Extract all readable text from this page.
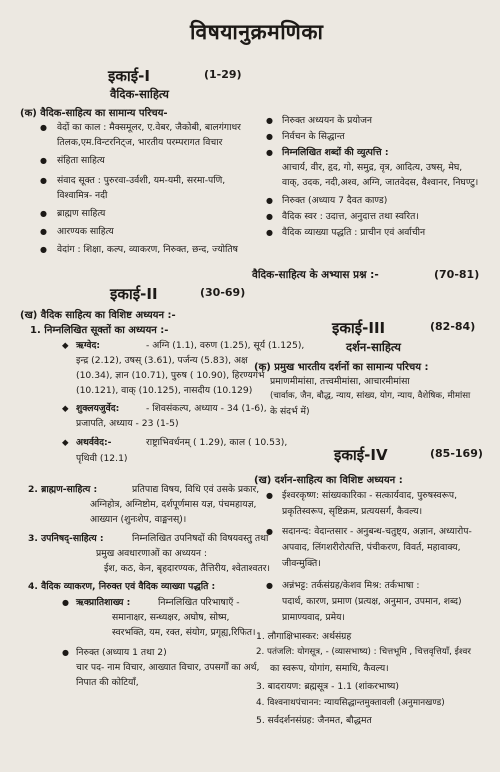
विषयानुक्रमणिका
इकाई-I	(1-29)
वैदिक-साहित्य
(क) वैदिक-साहित्य का सामान्य परिचय-
● वेदों का काल : मैक्समूलर, ए.वेबर, जैकोबी, बालगंगाधर
तिलक,एम.विन्टरनिट्ज, भारतीय परम्परागत विचार
● संहिता साहित्य
● संवाद सूक्त : पुरुरवा-उर्वशी, यम-यमी, सरमा-पणि,
विश्वामित्र- नदी
● ब्राह्मण साहित्य
● आरण्यक साहित्य
● वेदांग : शिक्षा, कल्प, व्याकरण, निरुक्त, छन्द, ज्योतिष
इकाई-II	(30-69)
(ख) वैदिक साहित्य का विशिष्ट अध्ययन :-
1. निम्नलिखित सूक्तों का अध्ययन :-
◆ ऋग्वेद:	- अग्नि (1.1), वरुण (1.25), सूर्य (1.125),
इन्द्र (2.12), उषस् (3.61), पर्जन्य (5.83), अक्ष
(10.34), ज्ञान (10.71), पुरुष ( 10.90), हिरण्यगर्भ
(10.121), वाक् (10.125), नासदीय (10.129)
◆ शुक्लयजुर्वेद:	- शिवसंकल्प, अध्याय - 34 (1-6),
प्रजापति, अध्याय - 23 (1-5)
◆ अथर्ववेद:-	राष्ट्राभिवर्धनम् ( 1.29), काल ( 10.53),
पृथिवी (12.1)
2. ब्राह्मण-साहित्य :	प्रतिपाद्य विषय, विधि एवं उसके प्रकार,
अग्निहोत्र, अग्निष्टोम, दर्शपूर्णमास यज्ञ, पंचमहायज्ञ,
आख्यान (शुनःशेप, वाङ्मनस्)।
3. उपनिषद्-साहित्य :	निम्नलिखित उपनिषदों की विषयवस्तु तथा
प्रमुख अवधारणाओं का अध्ययन :
ईश, कठ, केन, बृहदारण्यक, तैत्तिरीय, श्वेताश्वतर।
4. वैदिक व्याकरण, निरुक्त एवं वैदिक व्याख्या पद्धति :
● ऋक्प्रातिशाख्य :	निम्नलिखित परिभाषाएँ -
समानाक्षर, सन्ध्यक्षर, अघोष, सोष्म,
स्वरभक्ति, यम, रक्त, संयोग, प्रगृह्य,रिफित।
● निरुक्त (अध्याय 1 तथा 2)
चार पद- नाम विचार, आख्यात विचार, उपसर्गों का अर्थ,
निपात की कोटियाँ,
● निरुक्त अध्ययन के प्रयोजन
● निर्वचन के सिद्धान्त
● निम्नलिखित शब्दों की व्युत्पत्ति :
आचार्य, वीर, हृद, गो, समुद्र, वृत्र, आदित्य, उषस्, मेघ,
वाक्, उदक, नदी,अश्व, अग्नि, जातवेदस, वैश्वानर, निघण्टु।
● निरुक्त (अध्याय 7 दैवत काण्ड)
● वैदिक स्वर : उदात्त, अनुदात्त तथा स्वरित।
● वैदिक व्याख्या पद्धति : प्राचीन एवं अर्वाचीन
वैदिक-साहित्य के अभ्यास प्रश्न :-	(70-81)
इकाई-III	(82-84)
दर्शन-साहित्य
(क) प्रमुख भारतीय दर्शनों का सामान्य परिचय :
प्रमाणमीमांसा, तत्त्वमीमांसा, आचारमीमांसा
(चार्वाक, जैन, बौद्ध, न्याय, सांख्य, योग, न्याय, वैशेषिक, मीमांसा
के संदर्भ में)
इकाई-IV	(85-169)
(ख) दर्शन-साहित्य का विशिष्ट अध्ययन :
● ईश्वरकृष्ण: सांख्यकारिका - सत्कार्यवाद, पुरुषस्वरूप,
प्रकृतिस्वरूप, सृष्टिक्रम, प्रत्ययसर्ग, कैवल्य।
● सदानन्द: वेदान्तसार - अनुबन्ध-चतुष्ट्य, अज्ञान, अध्यारोप-
अपवाद, लिंगशरीरोत्पत्ति, पंचीकरण, विवर्त, महावाक्य,
जीवन्मुक्ति।
● अन्नंभट्ट: तर्कसंग्रह/केशव मिश्र: तर्कभाषा :
पदार्थ, कारण, प्रमाण (प्रत्यक्ष, अनुमान, उपमान, शब्द)
प्रामाण्यवाद, प्रमेय।
1. लौगाक्षिभास्कर: अर्थसंग्रह
2. पतंजलि: योगसूत्र, - (व्यासभाष्य) : चित्तभूमि , चित्तवृत्तियाँ, ईश्वर
का स्वरूप, योगांग, समाधि, कैवल्य।
3. बादरायण: ब्रह्मसूत्र - 1.1 (शांकरभाष्य)
4. विश्वनाथपंचानन: न्यायसिद्धान्तमुक्तावली (अनुमानखण्ड)
5. सर्वदर्शनसंग्रह: जैनमत, बौद्धमत
